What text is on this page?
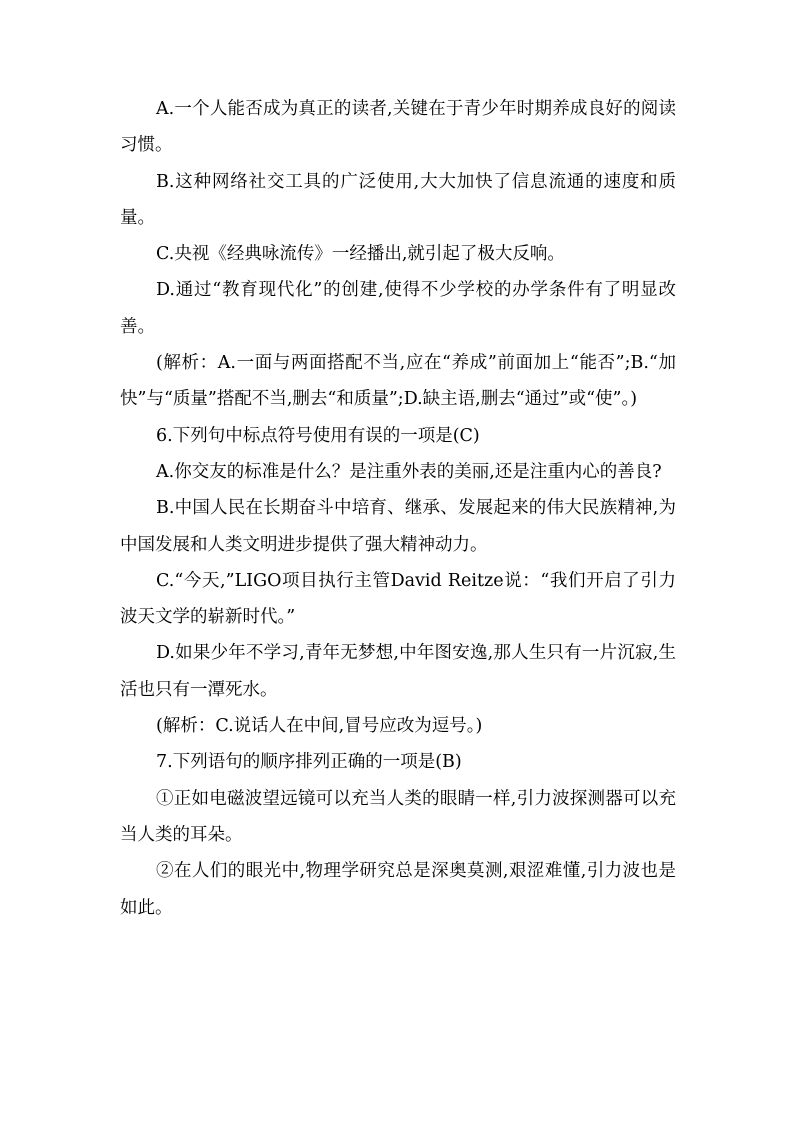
A.一个人能否成为真正的读者,关键在于青少年时期养成良好的阅读习惯。

B.这种网络社交工具的广泛使用,大大加快了信息流通的速度和质量。

C.央视《经典咏流传》一经播出,就引起了极大反响。

D.通过“教育现代化”的创建,使得不少学校的办学条件有了明显改善。

(解析：A.一面与两面搭配不当,应在“养成”前面加上“能否”;B.“加快”与“质量”搭配不当,删去“和质量”;D.缺主语,删去“通过”或“使”。)

6.下列句中标点符号使用有误的一项是(C)

A.你交友的标准是什么？是注重外表的美丽,还是注重内心的善良?

B.中国人民在长期奋斗中培育、继承、发展起来的伟大民族精神,为中国发展和人类文明进步提供了强大精神动力。

C.“今天,”LIGO项目执行主管David Reitze说：“我们开启了引力波天文学的崭新时代。”

D.如果少年不学习,青年无梦想,中年图安逸,那人生只有一片沉寂,生活也只有一潭死水。

(解析：C.说话人在中间,冒号应改为逗号。)

7.下列语句的顺序排列正确的一项是(B)

①正如电磁波望远镜可以充当人类的眼睛一样,引力波探测器可以充当人类的耳朵。

②在人们的眼光中,物理学研究总是深奥莫测,艰涩难懂,引力波也是如此。
